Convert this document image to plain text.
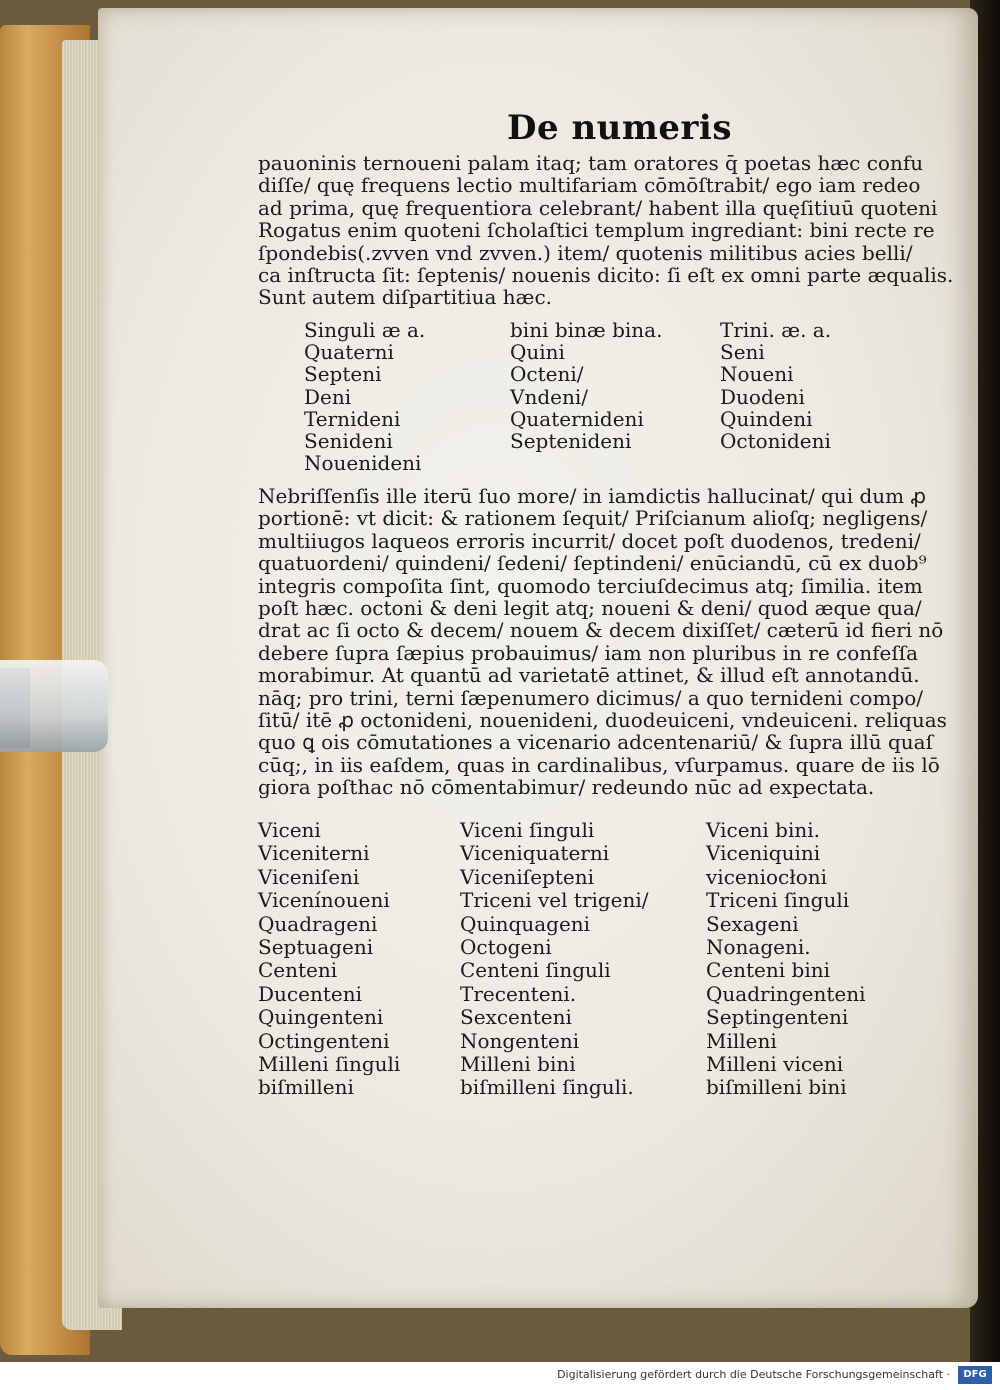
De numeris
pauoninis ternoueni palam itaq; tam oratores q̄ poetas hæc confu
diſſe/ quę frequens lectio multifariam cōmōſtrabit/ ego iam redeo
ad prima, quę frequentiora celebrant/ habent illa quęſitiuū quoteni
Rogatus enim quoteni ſcholaſtici templum ingrediant: bini recte re
ſpondebis(.zvven vnd zvven.) item/ quotenis militibus acies belli/
ca inſtructa ſit: ſeptenis/ nouenis dicito: ſi eſt ex omni parte æqualis.
Sunt autem diſpartitiua hæc.
Singuli æ a.	bini binæ bina.	Trini. æ. a.
Quaterni	Quini	Seni
Septeni	Octeni/	Noueni
Deni	Vndeni/	Duodeni
Ternideni	Quaternideni	Quindeni
Senideni	Septenideni	Octonideni
Nouenideni
Nebriſſenſis ille iterū ſuo more/ in iamdictis hallucinat/ qui dum ꝓ
portionē: vt dicit: & rationem ſequit/ Priſcianum alioſq; negligens/
multiiugos laqueos erroris incurrit/ docet poſt duodenos, tredeni/
quatuordeni/ quindeni/ ſedeni/ ſeptindeni/ enūciandū, cū ex duob⁹
integris compoſita ſint, quomodo terciuſdecimus atq; ſimilia. item
poſt hæc. octoni & deni legit atq; noueni & deni/ quod æque qua/
drat ac ſi octo & decem/ nouem & decem dixiſſet/ cæterū id fieri nō
debere ſupra ſæpius probauimus/ iam non pluribus in re confeſſa
morabimur. At quantū ad varietatē attinet, & illud eſt annotandū.
nāq; pro trini, terni ſæpenumero dicimus/ a quo ternideni compo/
ſitū/ itē ꝓ octonideni, nouenideni, duodeuiceni, vndeuiceni. reliquas
quo ꝗ ois cōmutationes a vicenario adcentenariū/ & ſupra illū quaſ
cūq;, in iis eaſdem, quas in cardinalibus, vſurpamus. quare de iis lō
giora poſthac nō cōmentabimur/ redeundo nūc ad expectata.
Viceni	Viceni ſinguli	Viceni bini.
Viceniterni	Viceniquaterni	Viceniquini
Viceniſeni	Viceniſepteni	viceniocłoni
Vicenínoueni	Triceni vel trigeni/	Triceni ſinguli
Quadrageni	Quinquageni	Sexageni
Septuageni	Octogeni	Nonageni.
Centeni	Centeni ſinguli	Centeni bini
Ducenteni	Trecenteni.	Quadringenteni
Quingenteni	Sexcenteni	Septingenteni
Octingenteni	Nongenteni	Milleni
Milleni ſinguli	Milleni bini	Milleni viceni
biſmilleni	biſmilleni ſinguli.	biſmilleni bini
Digitalisierung gefördert durch die Deutsche Forschungsgemeinschaft ·	DFG
